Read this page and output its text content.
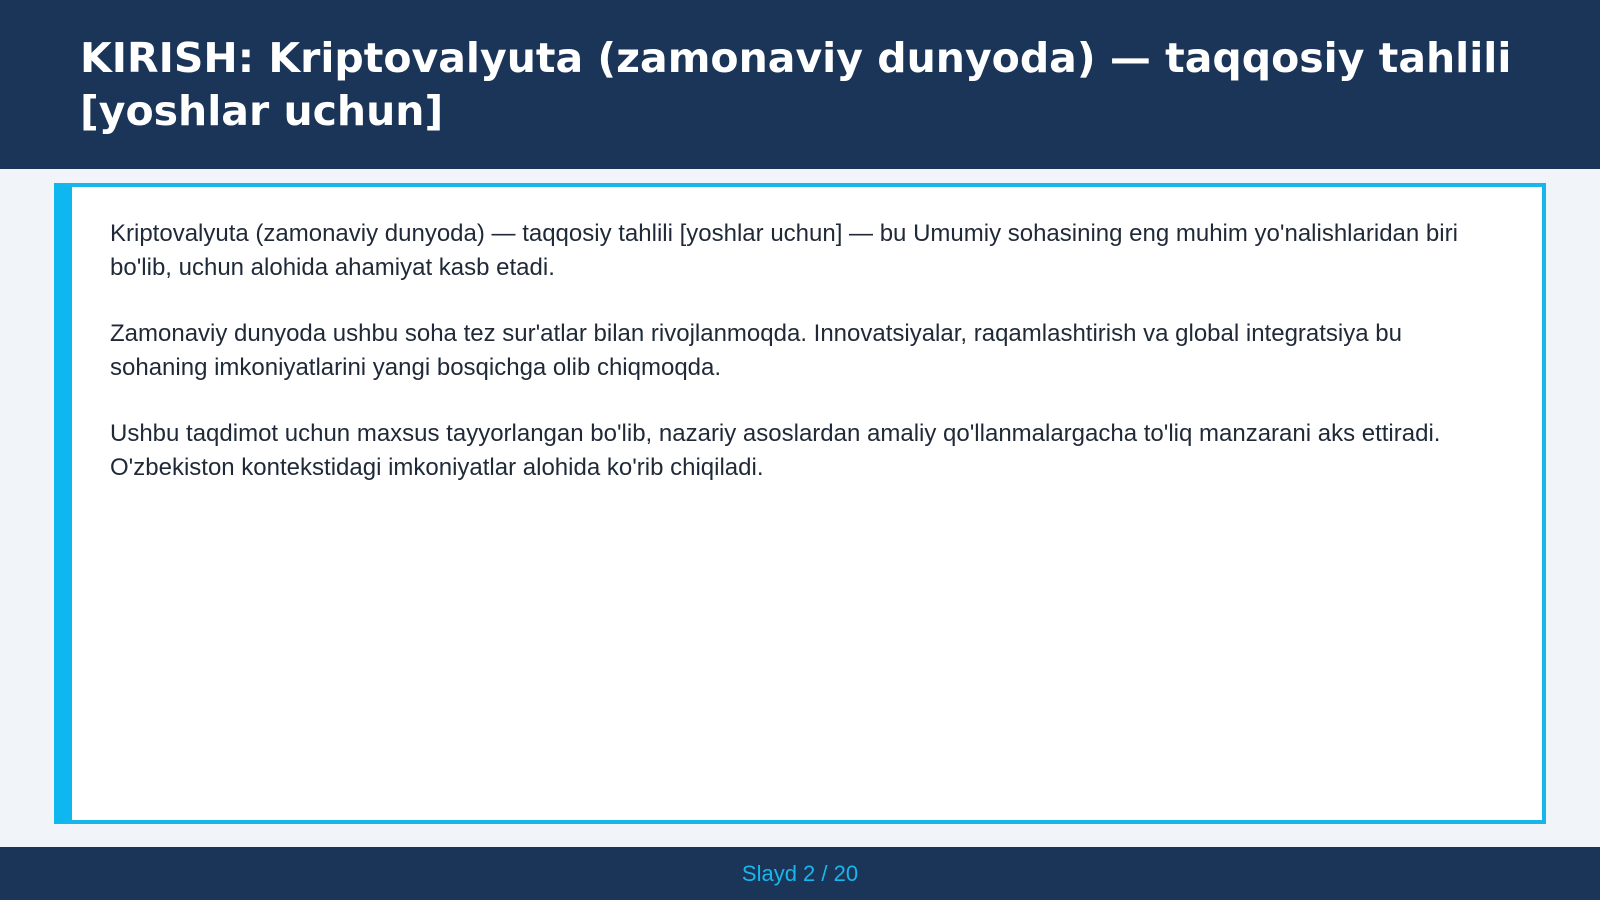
KIRISH: Kriptovalyuta (zamonaviy dunyoda) — taqqosiy tahlili [yoshlar uchun]

Kriptovalyuta (zamonaviy dunyoda) — taqqosiy tahlili [yoshlar uchun] — bu Umumiy sohasining eng muhim yo'nalishlaridan biri bo'lib, uchun alohida ahamiyat kasb etadi.

Zamonaviy dunyoda ushbu soha tez sur'atlar bilan rivojlanmoqda. Innovatsiyalar, raqamlashtirish va global integratsiya bu sohaning imkoniyatlarini yangi bosqichga olib chiqmoqda.

Ushbu taqdimot uchun maxsus tayyorlangan bo'lib, nazariy asoslardan amaliy qo'llanmalargacha to'liq manzarani aks ettiradi. O'zbekiston kontekstidagi imkoniyatlar alohida ko'rib chiqiladi.

Slayd 2 / 20
